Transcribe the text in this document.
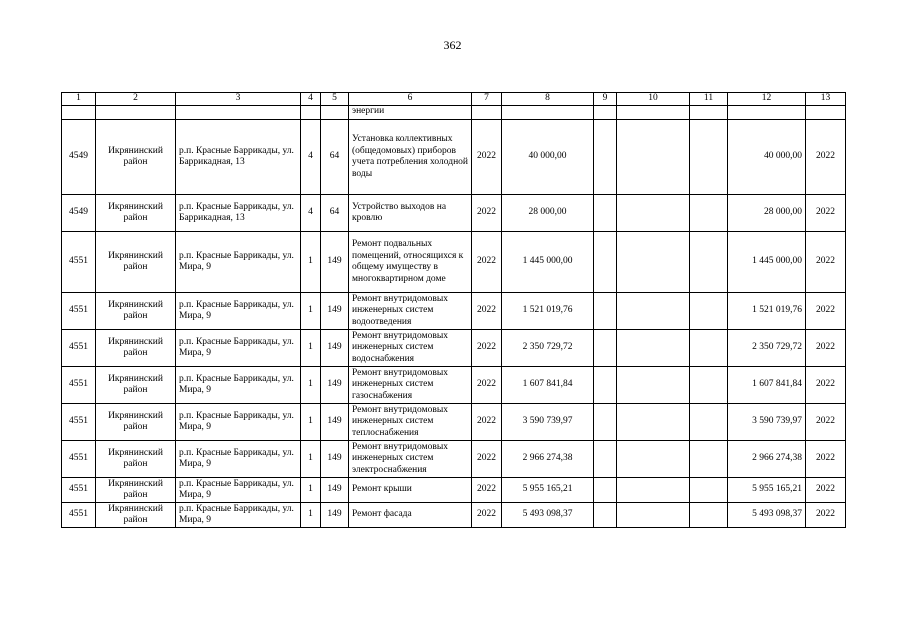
362
1	2	3	4	5	6	7	8	9	10	11	12	13
					энергии							
4549	Икрянинский район	р.п. Красные Баррикады, ул. Баррикадная, 13	4	64	Установка коллективных (общедомовых) приборов учета потребления холодной воды	2022	40 000,00				40 000,00	2022
4549	Икрянинский район	р.п. Красные Баррикады, ул. Баррикадная, 13	4	64	Устройство выходов на кровлю	2022	28 000,00				28 000,00	2022
4551	Икрянинский район	р.п. Красные Баррикады, ул. Мира, 9	1	149	Ремонт подвальных помещений, относящихся к общему имуществу в многоквартирном доме	2022	1 445 000,00				1 445 000,00	2022
4551	Икрянинский район	р.п. Красные Баррикады, ул. Мира, 9	1	149	Ремонт внутридомовых инженерных систем водоотведения	2022	1 521 019,76				1 521 019,76	2022
4551	Икрянинский район	р.п. Красные Баррикады, ул. Мира, 9	1	149	Ремонт внутридомовых инженерных систем водоснабжения	2022	2 350 729,72				2 350 729,72	2022
4551	Икрянинский район	р.п. Красные Баррикады, ул. Мира, 9	1	149	Ремонт внутридомовых инженерных систем газоснабжения	2022	1 607 841,84				1 607 841,84	2022
4551	Икрянинский район	р.п. Красные Баррикады, ул. Мира, 9	1	149	Ремонт внутридомовых инженерных систем теплоснабжения	2022	3 590 739,97				3 590 739,97	2022
4551	Икрянинский район	р.п. Красные Баррикады, ул. Мира, 9	1	149	Ремонт внутридомовых инженерных систем электроснабжения	2022	2 966 274,38				2 966 274,38	2022
4551	Икрянинский район	р.п. Красные Баррикады, ул. Мира, 9	1	149	Ремонт крыши	2022	5 955 165,21				5 955 165,21	2022
4551	Икрянинский район	р.п. Красные Баррикады, ул. Мира, 9	1	149	Ремонт фасада	2022	5 493 098,37				5 493 098,37	2022
